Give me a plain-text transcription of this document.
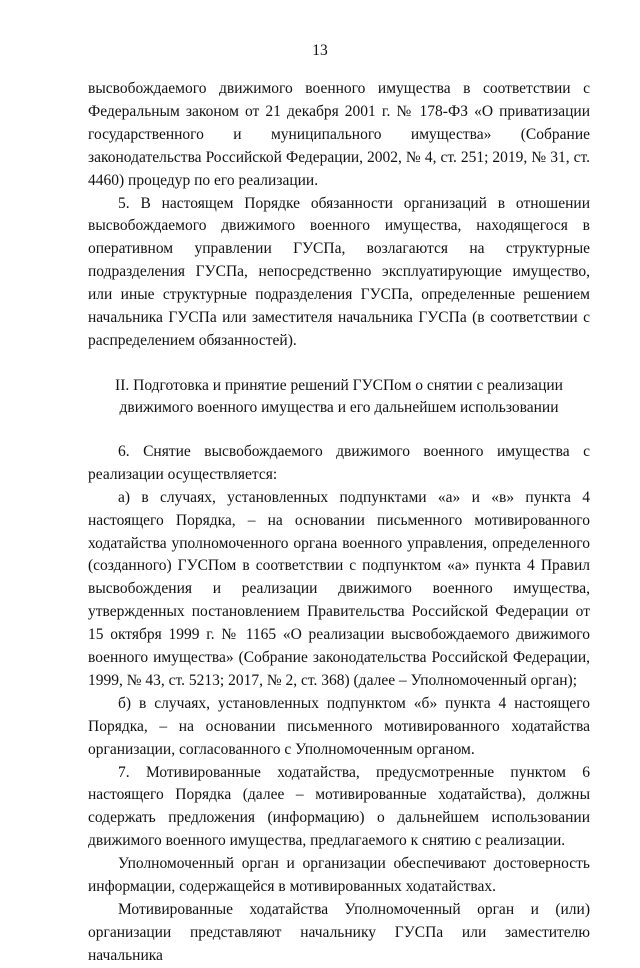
13

высвобождаемого движимого военного имущества в соответствии с Федеральным законом от 21 декабря 2001 г. № 178-ФЗ «О приватизации государственного и муниципального имущества» (Собрание законодательства Российской Федерации, 2002, № 4, ст. 251; 2019, № 31, ст. 4460) процедур по его реализации.

5. В настоящем Порядке обязанности организаций в отношении высвобождаемого движимого военного имущества, находящегося в оперативном управлении ГУСПа, возлагаются на структурные подразделения ГУСПа, непосредственно эксплуатирующие имущество, или иные структурные подразделения ГУСПа, определенные решением начальника ГУСПа или заместителя начальника ГУСПа (в соответствии с распределением обязанностей).

II. Подготовка и принятие решений ГУСПом о снятии с реализации движимого военного имущества и его дальнейшем использовании

6. Снятие высвобождаемого движимого военного имущества с реализации осуществляется:

а) в случаях, установленных подпунктами «а» и «в» пункта 4 настоящего Порядка, – на основании письменного мотивированного ходатайства уполномоченного органа военного управления, определенного (созданного) ГУСПом в соответствии с подпунктом «а» пункта 4 Правил высвобождения и реализации движимого военного имущества, утвержденных постановлением Правительства Российской Федерации от 15 октября 1999 г. № 1165 «О реализации высвобождаемого движимого военного имущества» (Собрание законодательства Российской Федерации, 1999, № 43, ст. 5213; 2017, № 2, ст. 368) (далее – Уполномоченный орган);

б) в случаях, установленных подпунктом «б» пункта 4 настоящего Порядка, – на основании письменного мотивированного ходатайства организации, согласованного с Уполномоченным органом.

7. Мотивированные ходатайства, предусмотренные пунктом 6 настоящего Порядка (далее – мотивированные ходатайства), должны содержать предложения (информацию) о дальнейшем использовании движимого военного имущества, предлагаемого к снятию с реализации.

Уполномоченный орган и организации обеспечивают достоверность информации, содержащейся в мотивированных ходатайствах.

Мотивированные ходатайства Уполномоченный орган и (или) организации представляют начальнику ГУСПа или заместителю начальника
